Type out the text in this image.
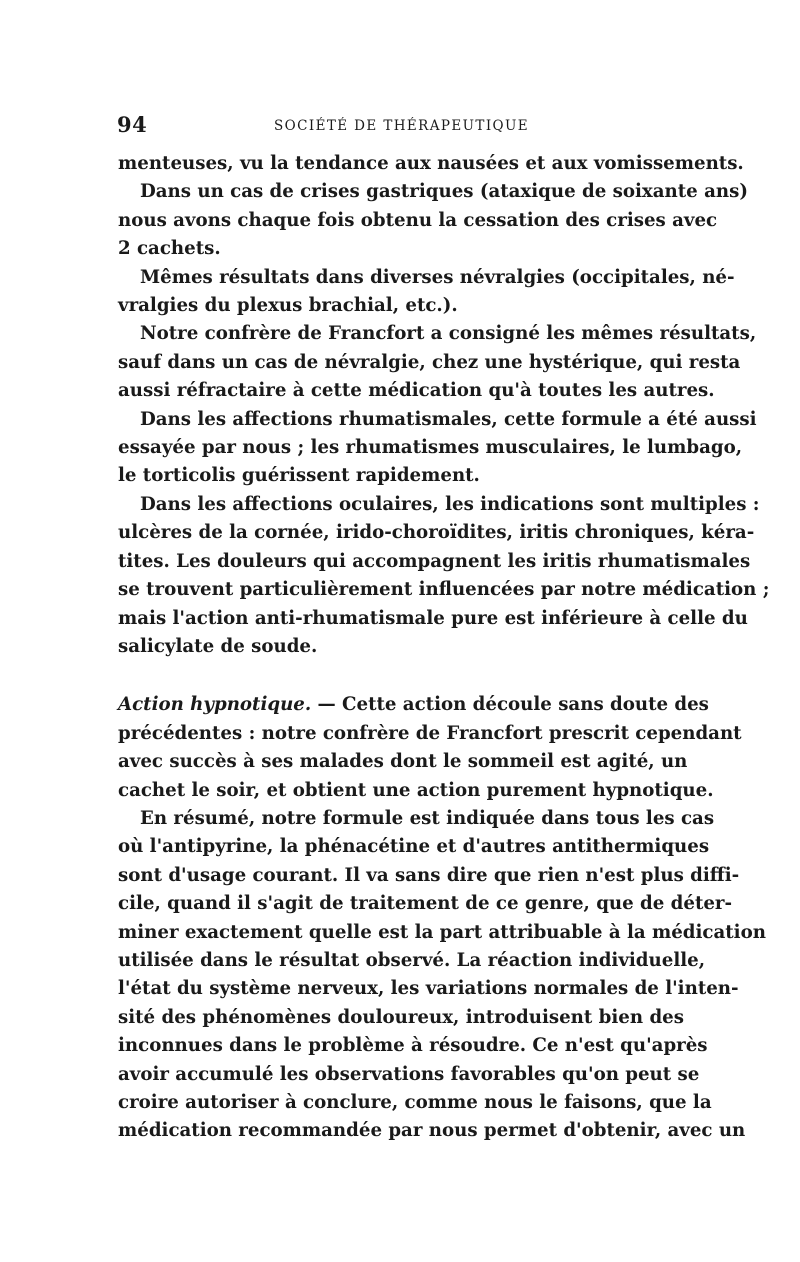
94	SOCIÉTÉ DE THÉRAPEUTIQUE
menteuses, vu la tendance aux nausées et aux vomissements.
Dans un cas de crises gastriques (ataxique de soixante ans)
nous avons chaque fois obtenu la cessation des crises avec
2 cachets.
Mêmes résultats dans diverses névralgies (occipitales, né-
vralgies du plexus brachial, etc.).
Notre confrère de Francfort a consigné les mêmes résultats,
sauf dans un cas de névralgie, chez une hystérique, qui resta
aussi réfractaire à cette médication qu'à toutes les autres.
Dans les affections rhumatismales, cette formule a été aussi
essayée par nous ; les rhumatismes musculaires, le lumbago,
le torticolis guérissent rapidement.
Dans les affections oculaires, les indications sont multiples :
ulcères de la cornée, irido-choroïdites, iritis chroniques, kéra-
tites. Les douleurs qui accompagnent les iritis rhumatismales
se trouvent particulièrement influencées par notre médication ;
mais l'action anti-rhumatismale pure est inférieure à celle du
salicylate de soude.
Action hypnotique. — Cette action découle sans doute des
précédentes : notre confrère de Francfort prescrit cependant
avec succès à ses malades dont le sommeil est agité, un
cachet le soir, et obtient une action purement hypnotique.
En résumé, notre formule est indiquée dans tous les cas
où l'antipyrine, la phénacétine et d'autres antithermiques
sont d'usage courant. Il va sans dire que rien n'est plus diffi-
cile, quand il s'agit de traitement de ce genre, que de déter-
miner exactement quelle est la part attribuable à la médication
utilisée dans le résultat observé. La réaction individuelle,
l'état du système nerveux, les variations normales de l'inten-
sité des phénomènes douloureux, introduisent bien des
inconnues dans le problème à résoudre. Ce n'est qu'après
avoir accumulé les observations favorables qu'on peut se
croire autoriser à conclure, comme nous le faisons, que la
médication recommandée par nous permet d'obtenir, avec un
